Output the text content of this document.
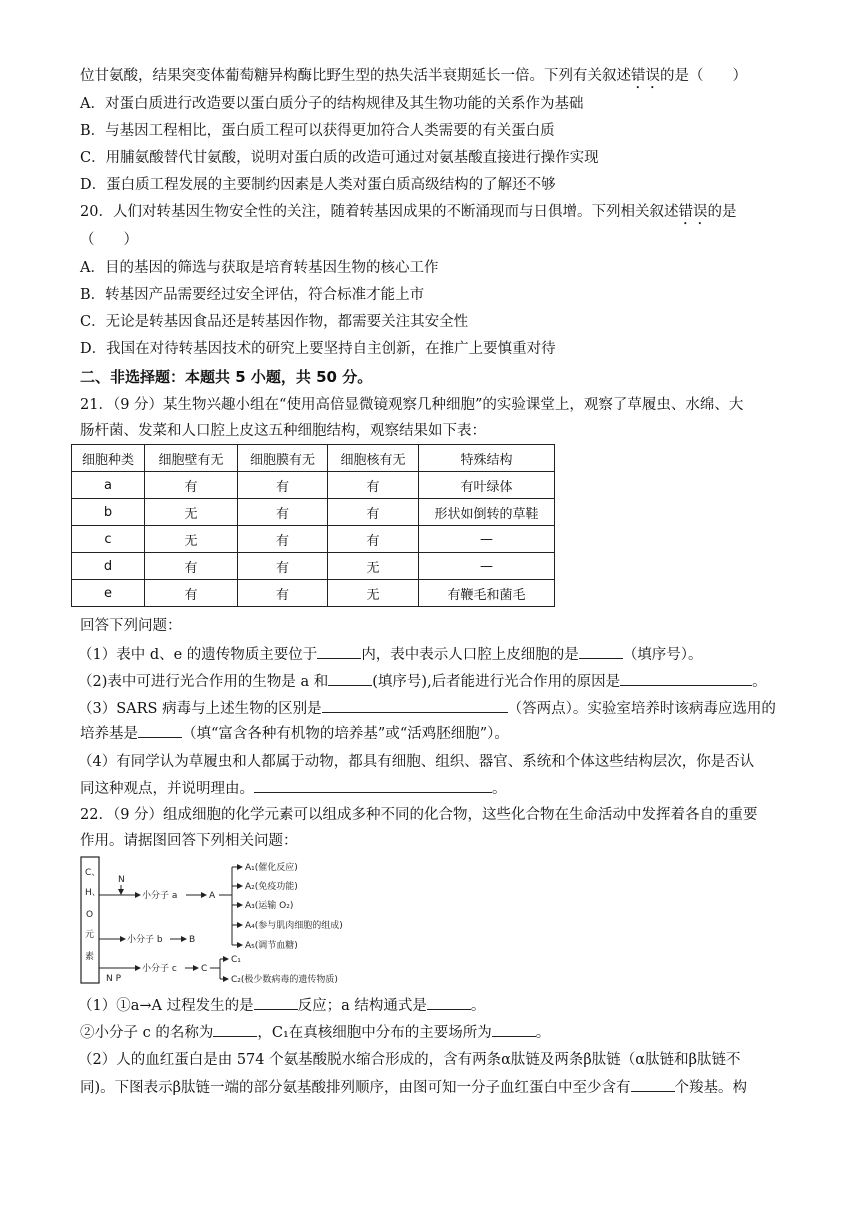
位甘氨酸，结果突变体葡萄糖异构酶比野生型的热失活半衰期延长一倍。下列有关叙述错误的是（　　）
A．对蛋白质进行改造要以蛋白质分子的结构规律及其生物功能的关系作为基础
B．与基因工程相比，蛋白质工程可以获得更加符合人类需要的有关蛋白质
C．用脯氨酸替代甘氨酸，说明对蛋白质的改造可通过对氨基酸直接进行操作实现
D．蛋白质工程发展的主要制约因素是人类对蛋白质高级结构的了解还不够
20．人们对转基因生物安全性的关注，随着转基因成果的不断涌现而与日俱增。下列相关叙述错误的是
（　　）
A．目的基因的筛选与获取是培育转基因生物的核心工作
B．转基因产品需要经过安全评估，符合标准才能上市
C．无论是转基因食品还是转基因作物，都需要关注其安全性
D．我国在对待转基因技术的研究上要坚持自主创新，在推广上要慎重对待
二、非选择题：本题共 5 小题，共 50 分。
21．（9 分）某生物兴趣小组在“使用高倍显微镜观察几种细胞”的实验课堂上，观察了草履虫、水绵、大
肠杆菌、发菜和人口腔上皮这五种细胞结构，观察结果如下表：
细胞种类	细胞壁有无	细胞膜有无	细胞核有无	特殊结构
a	有	有	有	有叶绿体
b	无	有	有	形状如倒转的草鞋
c	无	有	有	—
d	有	有	无	—
e	有	有	无	有鞭毛和菌毛
回答下列问题：
（1）表中 d、e 的遗传物质主要位于	内，表中表示人口腔上皮细胞的是	（填序号）。
（2)表中可进行光合作用的生物是 a 和	(填序号),后者能进行光合作用的原因是	。
（3）SARS 病毒与上述生物的区别是	（答两点）。实验室培养时该病毒应选用的
培养基是	（填“富含各种有机物的培养基”或“活鸡胚细胞”）。
（4）有同学认为草履虫和人都属于动物，都具有细胞、组织、器官、系统和个体这些结构层次，你是否认
同这种观点，并说明理由。	。
22．（9 分）组成细胞的化学元素可以组成多种不同的化合物，这些化合物在生命活动中发挥着各自的重要
作用。请据图回答下列相关问题：
C、
H、
O
元
素
N
小分子 a	A
A₁(催化反应)
A₂(免疫功能)
A₃(运输 O₂)
A₄(参与肌肉细胞的组成)
A₅(调节血糖)
小分子 b	B
N P
小分子 c	C
C₁
C₂(极少数病毒的遗传物质)
（1）①a→A 过程发生的是	反应；a 结构通式是	。
②小分子 c 的名称为	，C₁在真核细胞中分布的主要场所为	。
（2）人的血红蛋白是由 574 个氨基酸脱水缩合形成的，含有两条α肽链及两条β肽链（α肽链和β肽链不
同)。下图表示β肽链一端的部分氨基酸排列顺序，由图可知一分子血红蛋白中至少含有	个羧基。构
